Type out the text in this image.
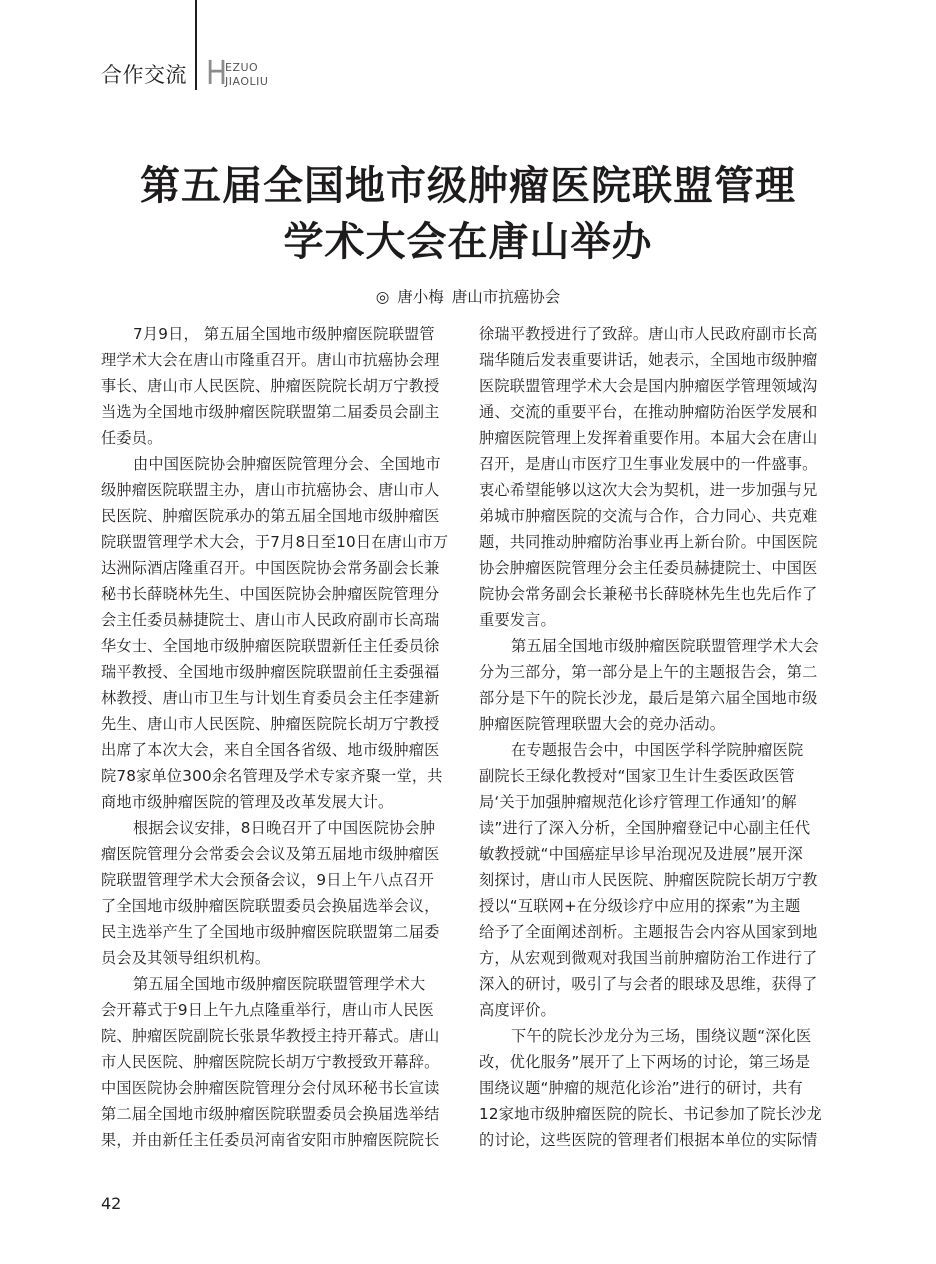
合作交流 H
EZUO
JIAOLIU
第五届全国地市级肿瘤医院联盟管理
学术大会在唐山举办
◎ 唐小梅 唐山市抗癌协会
7月9日， 第五届全国地市级肿瘤医院联盟管
理学术大会在唐山市隆重召开。唐山市抗癌协会理
事长、唐山市人民医院、肿瘤医院院长胡万宁教授
当选为全国地市级肿瘤医院联盟第二届委员会副主
任委员。
由中国医院协会肿瘤医院管理分会、全国地市
级肿瘤医院联盟主办，唐山市抗癌协会、唐山市人
民医院、肿瘤医院承办的第五届全国地市级肿瘤医
院联盟管理学术大会，于7月8日至10日在唐山市万
达洲际酒店隆重召开。中国医院协会常务副会长兼
秘书长薛晓林先生、中国医院协会肿瘤医院管理分
会主任委员赫捷院士、唐山市人民政府副市长高瑞
华女士、全国地市级肿瘤医院联盟新任主任委员徐
瑞平教授、全国地市级肿瘤医院联盟前任主委强福
林教授、唐山市卫生与计划生育委员会主任李建新
先生、唐山市人民医院、肿瘤医院院长胡万宁教授
出席了本次大会，来自全国各省级、地市级肿瘤医
院78家单位300余名管理及学术专家齐聚一堂，共
商地市级肿瘤医院的管理及改革发展大计。
根据会议安排，8日晚召开了中国医院协会肿
瘤医院管理分会常委会会议及第五届地市级肿瘤医
院联盟管理学术大会预备会议，9日上午八点召开
了全国地市级肿瘤医院联盟委员会换届选举会议，
民主选举产生了全国地市级肿瘤医院联盟第二届委
员会及其领导组织机构。
第五届全国地市级肿瘤医院联盟管理学术大
会开幕式于9日上午九点隆重举行，唐山市人民医
院、肿瘤医院副院长张景华教授主持开幕式。唐山
市人民医院、肿瘤医院院长胡万宁教授致开幕辞。
中国医院协会肿瘤医院管理分会付凤环秘书长宣读
第二届全国地市级肿瘤医院联盟委员会换届选举结
果，并由新任主任委员河南省安阳市肿瘤医院院长
徐瑞平教授进行了致辞。唐山市人民政府副市长高
瑞华随后发表重要讲话，她表示，全国地市级肿瘤
医院联盟管理学术大会是国内肿瘤医学管理领域沟
通、交流的重要平台，在推动肿瘤防治医学发展和
肿瘤医院管理上发挥着重要作用。本届大会在唐山
召开，是唐山市医疗卫生事业发展中的一件盛事。
衷心希望能够以这次大会为契机，进一步加强与兄
弟城市肿瘤医院的交流与合作，合力同心、共克难
题，共同推动肿瘤防治事业再上新台阶。中国医院
协会肿瘤医院管理分会主任委员赫捷院士、中国医
院协会常务副会长兼秘书长薛晓林先生也先后作了
重要发言。
第五届全国地市级肿瘤医院联盟管理学术大会
分为三部分，第一部分是上午的主题报告会，第二
部分是下午的院长沙龙，最后是第六届全国地市级
肿瘤医院管理联盟大会的竞办活动。
在专题报告会中，中国医学科学院肿瘤医院
副院长王绿化教授对“国家卫生计生委医政医管
局‘关于加强肿瘤规范化诊疗管理工作通知’的解
读”进行了深入分析，全国肿瘤登记中心副主任代
敏教授就“中国癌症早诊早治现况及进展”展开深
刻探讨，唐山市人民医院、肿瘤医院院长胡万宁教
授以“互联网+在分级诊疗中应用的探索”为主题
给予了全面阐述剖析。主题报告会内容从国家到地
方，从宏观到微观对我国当前肿瘤防治工作进行了
深入的研讨，吸引了与会者的眼球及思维，获得了
高度评价。
下午的院长沙龙分为三场，围绕议题“深化医
改，优化服务”展开了上下两场的讨论，第三场是
围绕议题“肿瘤的规范化诊治”进行的研讨，共有
12家地市级肿瘤医院的院长、书记参加了院长沙龙
的讨论，这些医院的管理者们根据本单位的实际情
42
